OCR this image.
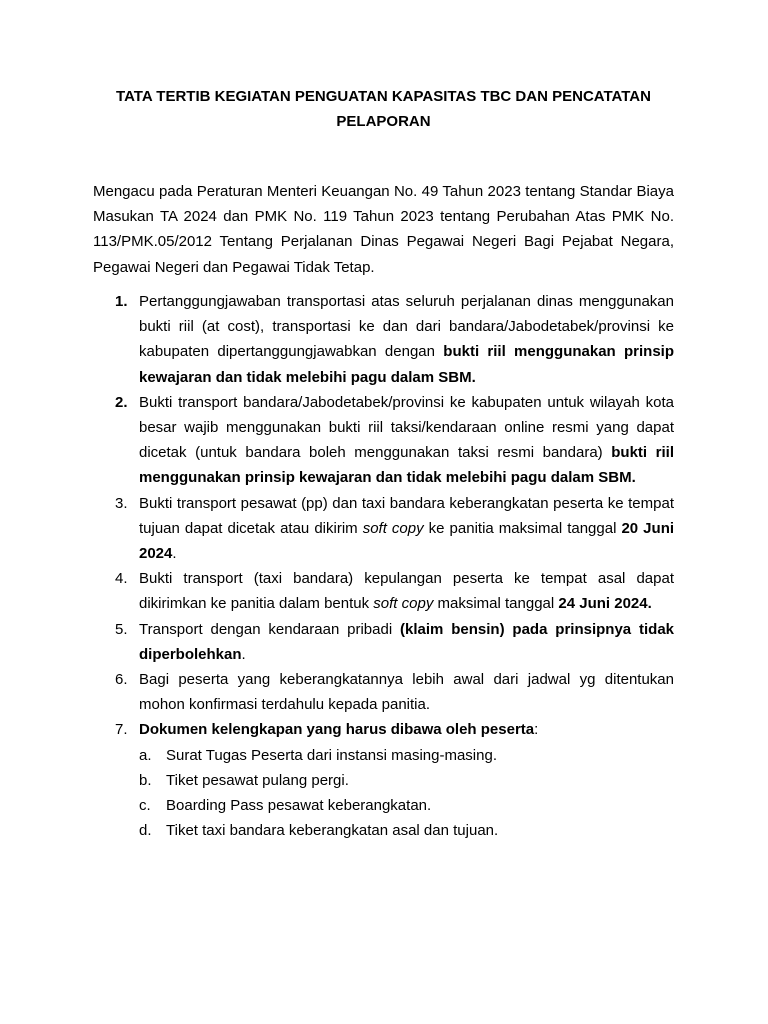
TATA TERTIB KEGIATAN PENGUATAN KAPASITAS TBC DAN PENCATATAN
PELAPORAN

Mengacu pada Peraturan Menteri Keuangan No. 49 Tahun 2023 tentang Standar Biaya Masukan TA 2024 dan PMK No. 119 Tahun 2023 tentang Perubahan Atas PMK No. 113/PMK.05/2012 Tentang Perjalanan Dinas Pegawai Negeri Bagi Pejabat Negara, Pegawai Negeri dan Pegawai Tidak Tetap.

1. Pertanggungjawaban transportasi atas seluruh perjalanan dinas menggunakan bukti riil (at cost), transportasi ke dan dari bandara/Jabodetabek/provinsi ke kabupaten dipertanggungjawabkan dengan bukti riil menggunakan prinsip kewajaran dan tidak melebihi pagu dalam SBM.
2. Bukti transport bandara/Jabodetabek/provinsi ke kabupaten untuk wilayah kota besar wajib menggunakan bukti riil taksi/kendaraan online resmi yang dapat dicetak (untuk bandara boleh menggunakan taksi resmi bandara) bukti riil menggunakan prinsip kewajaran dan tidak melebihi pagu dalam SBM.
3. Bukti transport pesawat (pp) dan taxi bandara keberangkatan peserta ke tempat tujuan dapat dicetak atau dikirim soft copy ke panitia maksimal tanggal 20 Juni 2024.
4. Bukti transport (taxi bandara) kepulangan peserta ke tempat asal dapat dikirimkan ke panitia dalam bentuk soft copy maksimal tanggal 24 Juni 2024.
5. Transport dengan kendaraan pribadi (klaim bensin) pada prinsipnya tidak diperbolehkan.
6. Bagi peserta yang keberangkatannya lebih awal dari jadwal yg ditentukan mohon konfirmasi terdahulu kepada panitia.
7. Dokumen kelengkapan yang harus dibawa oleh peserta:
a. Surat Tugas Peserta dari instansi masing-masing.
b. Tiket pesawat pulang pergi.
c. Boarding Pass pesawat keberangkatan.
d. Tiket taxi bandara keberangkatan asal dan tujuan.
